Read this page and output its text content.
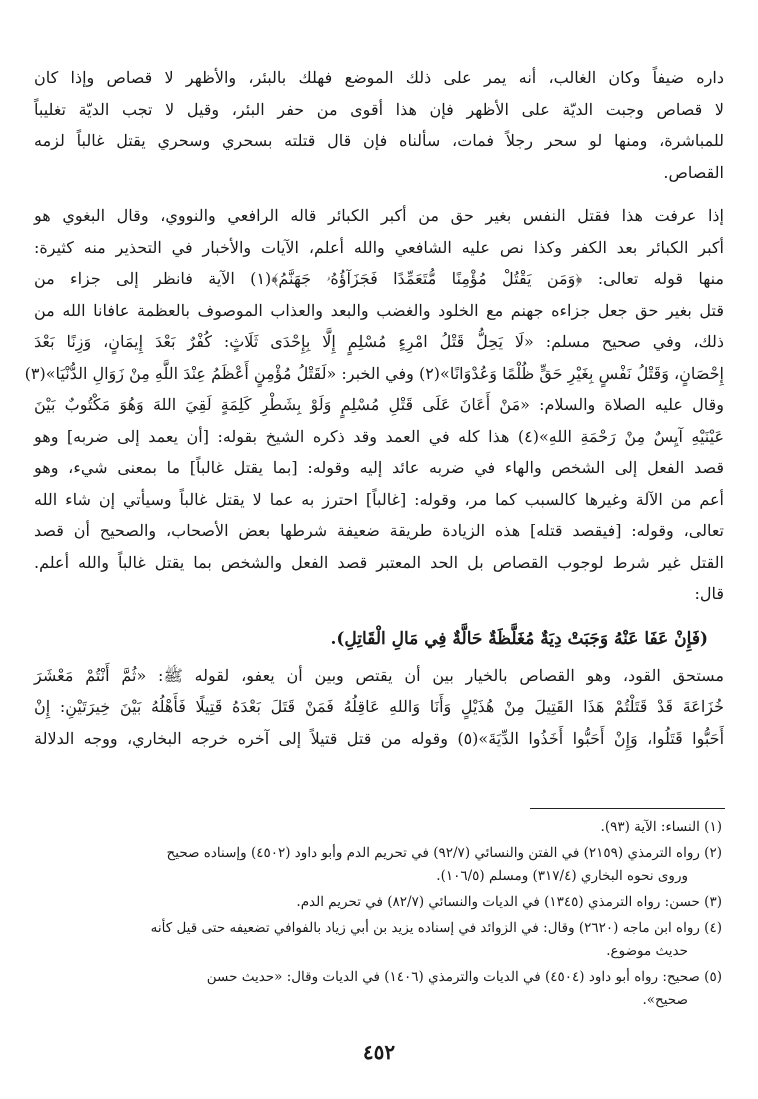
داره ضيفاً وكان الغالب، أنه يمر على ذلك الموضع فهلك بالبئر، والأظهر لا قصاص وإذا كان
لا قصاص وجبت الديّة على الأظهر فإن هذا أقوى من حفر البئر، وقيل لا تجب الديّة تغليباً
للمباشرة، ومنها لو سحر رجلاً فمات، سألناه فإن قال قتلته بسحري وسحري يقتل غالباً لزمه
القصاص.

إذا عرفت هذا فقتل النفس بغير حق من أكبر الكبائر قاله الرافعي والنووي، وقال البغوي هو
أكبر الكبائر بعد الكفر وكذا نص عليه الشافعي والله أعلم، الآيات والأخبار في التحذير منه كثيرة:
منها قوله تعالى: ﴿وَمَن يَقْتُلْ مُؤْمِنًا مُّتَعَمِّدًا فَجَزَآؤُهُۥ جَهَنَّمُ﴾(١) الآية فانظر إلى جزاء من
قتل بغير حق جعل جزاءه جهنم مع الخلود والغضب والبعد والعذاب الموصوف بالعظمة عافانا الله من
ذلك، وفي صحيح مسلم: «لَا يَحِلُّ قَتْلُ امْرِءٍ مُسْلِمٍ إِلَّا بِإِحْدَى ثَلَاثٍ: كُفْرٌ بَعْدَ إِيمَانٍ، وَزِنًا بَعْدَ
إِحْصَانٍ، وَقَتْلُ نَفْسٍ بِغَيْرِ حَقٍّ ظُلْمًا وَعُدْوَانًا»(٢) وفي الخبر: «لَقَتْلُ مُؤْمِنٍ أَعْظَمُ عِنْدَ اللَّهِ مِنْ زَوَالِ الدُّنْيَا»(٣)
وقال عليه الصلاة والسلام: «مَنْ أَعَانَ عَلَى قَتْلِ مُسْلِمٍ وَلَوْ بِشَطْرِ كَلِمَةٍ لَقِيَ اللهَ وَهُوَ مَكْتُوبٌ بَيْنَ
عَيْنَيْهِ آيِسٌ مِنْ رَحْمَةِ اللهِ»(٤) هذا كله في العمد وقد ذكره الشيخ بقوله: [أن يعمد إلى ضربه] وهو
قصد الفعل إلى الشخص والهاء في ضربه عائد إليه وقوله: [بما يقتل غالباً] ما بمعنى شيء، وهو
أعم من الآلة وغيرها كالسبب كما مر، وقوله: [غالباً] احترز به عما لا يقتل غالباً وسيأتي إن شاء الله
تعالى، وقوله: [فيقصد قتله] هذه الزيادة طريقة ضعيفة شرطها بعض الأصحاب، والصحيح أن قصد
القتل غير شرط لوجوب القصاص بل الحد المعتبر قصد الفعل والشخص بما يقتل غالباً والله أعلم.
قال:

(فَإِنْ عَفَا عَنْهُ وَجَبَتْ دِيَةٌ مُغَلَّظَةٌ حَالَّةٌ فِي مَالِ الْقَاتِلِ).

مستحق القود، وهو القصاص بالخيار بين أن يقتص وبين أن يعفو، لقوله ﷺ: «ثُمَّ أَنْتُمْ مَعْشَرَ
خُزَاعَةَ قَدْ قَتَلْتُمْ هَذَا القَتِيلَ مِنْ هُذَيْلٍ وَأَنَا وَاللهِ عَاقِلُهُ فَمَنْ قَتَلَ بَعْدَهُ قَتِيلًا فَأَهْلُهُ بَيْنَ خِيرَتَيْنِ: إِنْ
أَحَبُّوا قَتَلُوا، وَإِنْ أَحَبُّوا أَخَذُوا الدِّيَةَ»(٥) وقوله من قتل قتيلاً إلى آخره خرجه البخاري، ووجه الدلالة

(١) النساء: الآية (٩٣).

(٢) رواه الترمذي (٢١٥٩) في الفتن والنسائي (٩٢/٧) في تحريم الدم وأبو داود (٤٥٠٢) وإسناده صحيح
وروى نحوه البخاري (٣١٧/٤) ومسلم (١٠٦/٥).

(٣) حسن: رواه الترمذي (١٣٤٥) في الديات والنسائي (٨٢/٧) في تحريم الدم.

(٤) رواه ابن ماجه (٢٦٢٠) وقال: في الزوائد في إسناده يزيد بن أبي زياد بالفوافي تضعيفه حتى قيل كأنه
حديث موضوع.

(٥) صحيح: رواه أبو داود (٤٥٠٤) في الديات والترمذي (١٤٠٦) في الديات وقال: «حديث حسن
صحيح».

٤٥٢
